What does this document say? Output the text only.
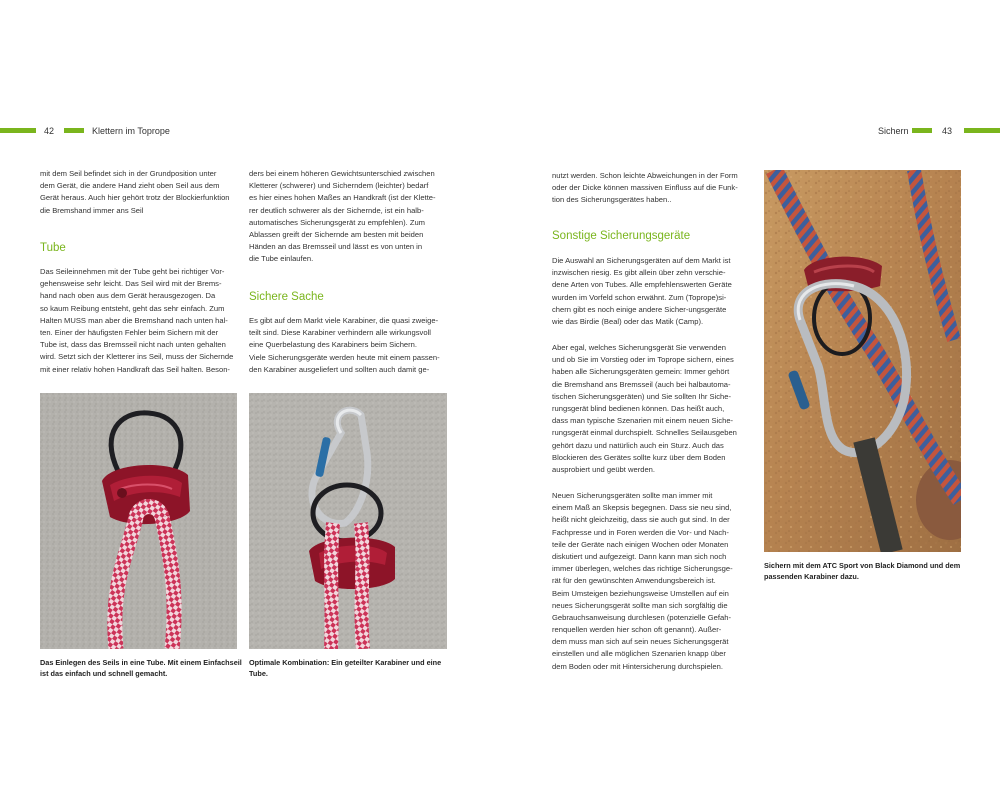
42	Klettern im Toprope	Sichern	43
mit dem Seil befindet sich in der Grundposition unter
dem Gerät, die andere Hand zieht oben Seil aus dem
Gerät heraus. Auch hier gehört trotz der Blockierfunktion
die Bremshand immer ans Seil
Tube
Das Seileinnehmen mit der Tube geht bei richtiger Vor-
gehensweise sehr leicht. Das Seil wird mit der Brems-
hand nach oben aus dem Gerät herausgezogen. Da
so kaum Reibung entsteht, geht das sehr einfach. Zum
Halten MUSS man aber die Bremshand nach unten hal-
ten. Einer der häufigsten Fehler beim Sichern mit der
Tube ist, dass das Bremsseil nicht nach unten gehalten
wird. Setzt sich der Kletterer ins Seil, muss der Sichernde
mit einer relativ hohen Handkraft das Seil halten. Beson-
ders bei einem höheren Gewichtsunterschied zwischen
Kletterer (schwerer) und Sicherndem (leichter) bedarf
es hier eines hohen Maßes an Handkraft (ist der Klette-
rer deutlich schwerer als der Sichernde, ist ein halb-
automatisches Sicherungsgerät zu empfehlen). Zum
Ablassen greift der Sichernde am besten mit beiden
Händen an das Bremsseil und lässt es von unten in
die Tube einlaufen.
Sichere Sache
Es gibt auf dem Markt viele Karabiner, die quasi zweige-
teilt sind. Diese Karabiner verhindern alle wirkungsvoll
eine Querbelastung des Karabiners beim Sichern.
Viele Sicherungsgeräte werden heute mit einem passen-
den Karabiner ausgeliefert und sollten auch damit ge-
Das Einlegen des Seils in eine Tube. Mit einem Einfachseil
ist das einfach und schnell gemacht.
Optimale Kombination: Ein geteilter Karabiner und eine
Tube.
nutzt werden. Schon leichte Abweichungen in der Form
oder der Dicke können massiven Einfluss auf die Funk-
tion des Sicherungsgerätes haben..
Sonstige Sicherungsgeräte
Die Auswahl an Sicherungsgeräten auf dem Markt ist
inzwischen riesig. Es gibt allein über zehn verschie-
dene Arten von Tubes. Alle empfehlenswerten Geräte
wurden im Vorfeld schon erwähnt. Zum (Toprope)si-
chern gibt es noch einige andere Sicher-ungsgeräte
wie das Birdie (Beal) oder das Matik (Camp).
Aber egal, welches Sicherungsgerät Sie verwenden
und ob Sie im Vorstieg oder im Toprope sichern, eines
haben alle Sicherungsgeräten gemein: Immer gehört
die Bremshand ans Bremsseil (auch bei halbautoma-
tischen Sicherungsgeräten) und Sie sollten Ihr Siche-
rungsgerät blind bedienen können. Das heißt auch,
dass man typische Szenarien mit einem neuen Siche-
rungsgerät einmal durchspielt. Schnelles Seilausgeben
gehört dazu und natürlich auch ein Sturz. Auch das
Blockieren des Gerätes sollte kurz über dem Boden
ausprobiert und geübt werden.
Neuen Sicherungsgeräten sollte man immer mit
einem Maß an Skepsis begegnen. Dass sie neu sind,
heißt nicht gleichzeitig, dass sie auch gut sind. In der
Fachpresse und in Foren werden die Vor- und Nach-
teile der Geräte nach einigen Wochen oder Monaten
diskutiert und aufgezeigt. Dann kann man sich noch
immer überlegen, welches das richtige Sicherungsge-
rät für den gewünschten Anwendungsbereich ist.
Beim Umsteigen beziehungsweise Umstellen auf ein
neues Sicherungsgerät sollte man sich sorgfältig die
Gebrauchsanweisung durchlesen (potenzielle Gefah-
renquellen werden hier schon oft genannt). Außer-
dem muss man sich auf sein neues Sicherungsgerät
einstellen und alle möglichen Szenarien knapp über
dem Boden oder mit Hintersicherung durchspielen.
Sichern mit dem ATC Sport von Black Diamond und dem
passenden Karabiner dazu.
